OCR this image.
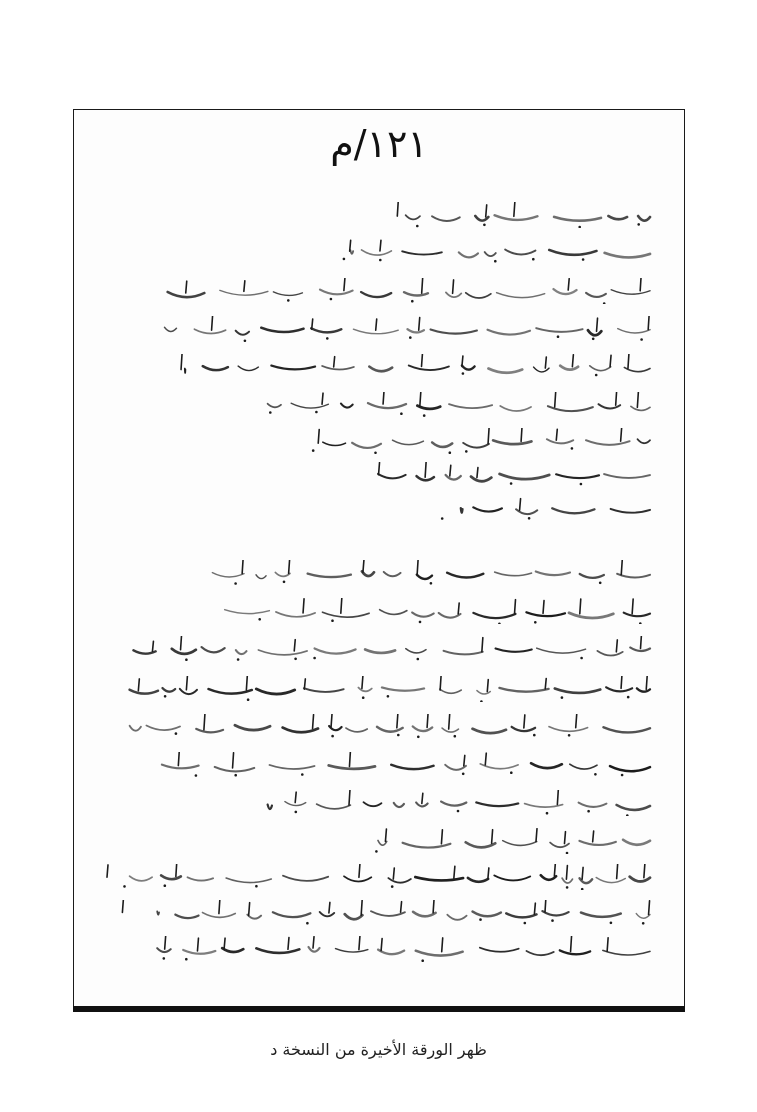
١٢١/م
ظهر الورقة الأخيرة من النسخة د
